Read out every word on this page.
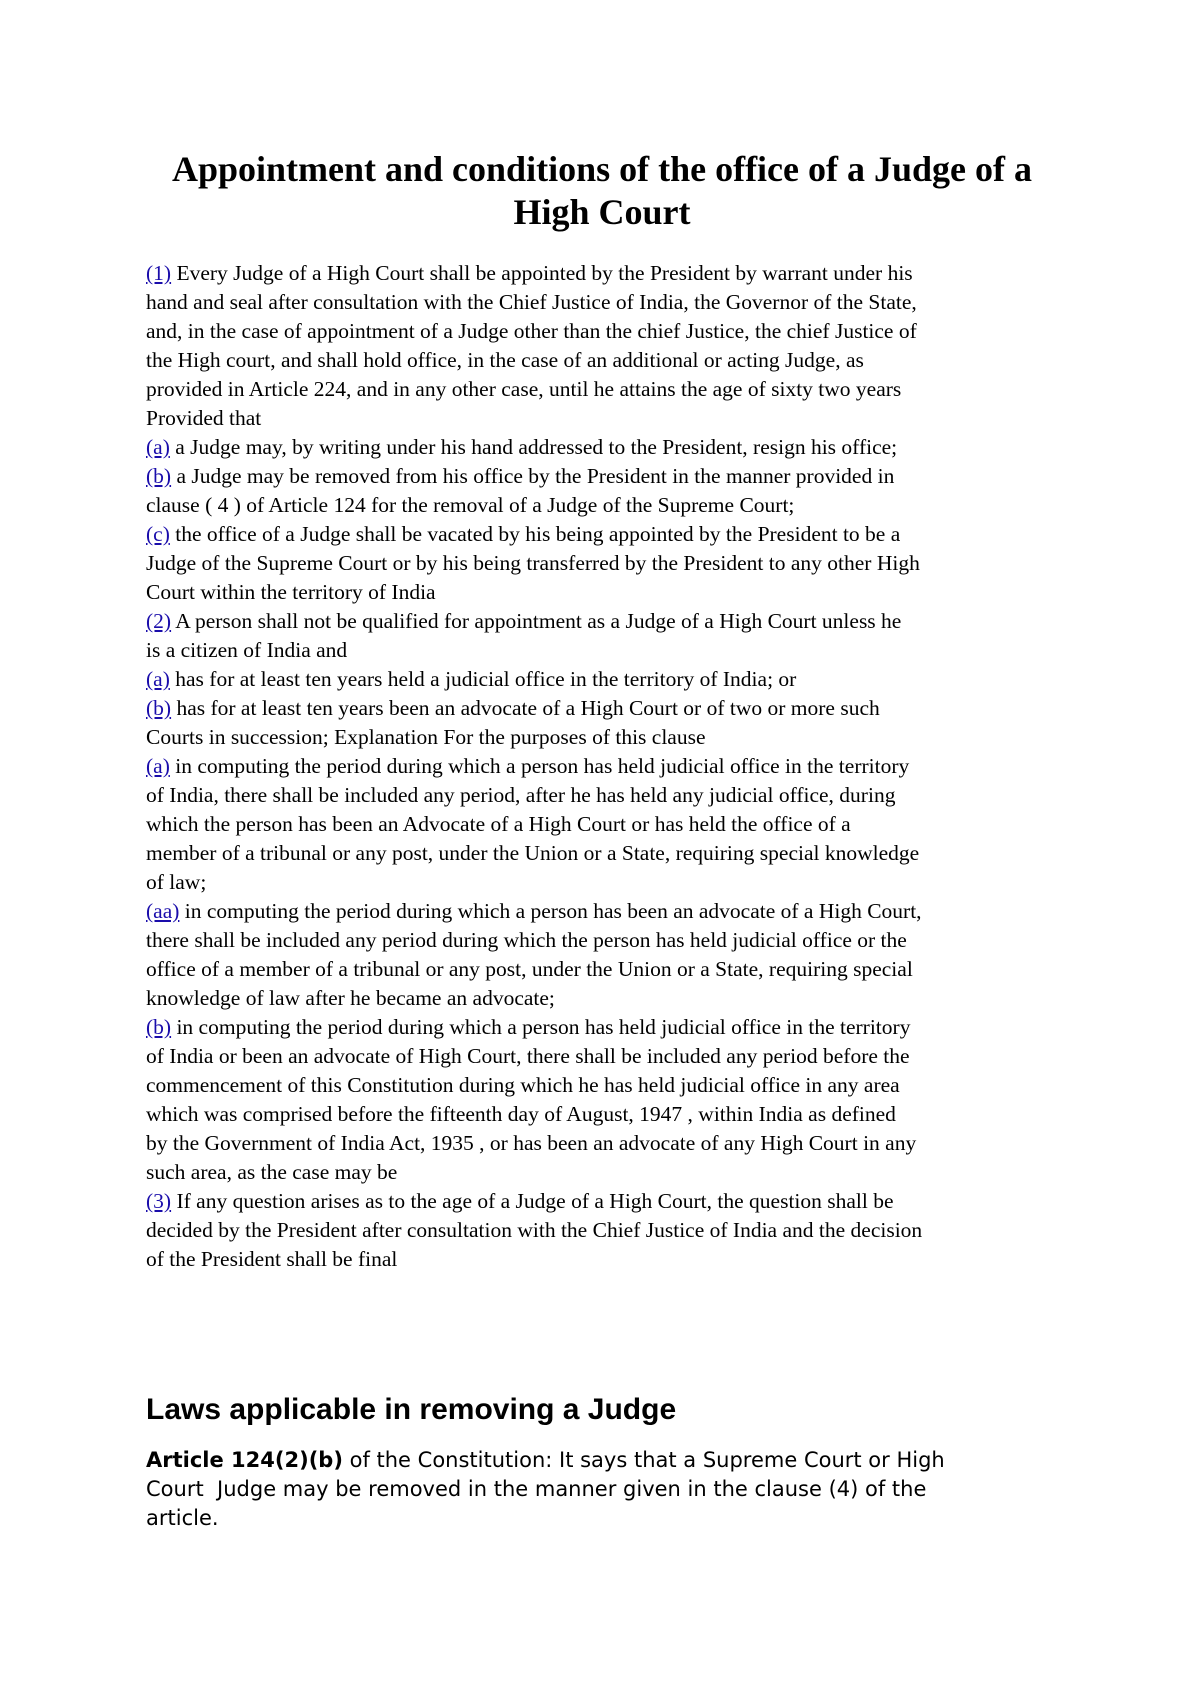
Appointment and conditions of the office of a Judge of a High Court
(1) Every Judge of a High Court shall be appointed by the President by warrant under his
hand and seal after consultation with the Chief Justice of India, the Governor of the State,
and, in the case of appointment of a Judge other than the chief Justice, the chief Justice of
the High court, and shall hold office, in the case of an additional or acting Judge, as
provided in Article 224, and in any other case, until he attains the age of sixty two years
Provided that
(a) a Judge may, by writing under his hand addressed to the President, resign his office;
(b) a Judge may be removed from his office by the President in the manner provided in
clause ( 4 ) of Article 124 for the removal of a Judge of the Supreme Court;
(c) the office of a Judge shall be vacated by his being appointed by the President to be a
Judge of the Supreme Court or by his being transferred by the President to any other High
Court within the territory of India
(2) A person shall not be qualified for appointment as a Judge of a High Court unless he
is a citizen of India and
(a) has for at least ten years held a judicial office in the territory of India; or
(b) has for at least ten years been an advocate of a High Court or of two or more such
Courts in succession; Explanation For the purposes of this clause
(a) in computing the period during which a person has held judicial office in the territory
of India, there shall be included any period, after he has held any judicial office, during
which the person has been an Advocate of a High Court or has held the office of a
member of a tribunal or any post, under the Union or a State, requiring special knowledge
of law;
(aa) in computing the period during which a person has been an advocate of a High Court,
there shall be included any period during which the person has held judicial office or the
office of a member of a tribunal or any post, under the Union or a State, requiring special
knowledge of law after he became an advocate;
(b) in computing the period during which a person has held judicial office in the territory
of India or been an advocate of High Court, there shall be included any period before the
commencement of this Constitution during which he has held judicial office in any area
which was comprised before the fifteenth day of August, 1947 , within India as defined
by the Government of India Act, 1935 , or has been an advocate of any High Court in any
such area, as the case may be
(3) If any question arises as to the age of a Judge of a High Court, the question shall be
decided by the President after consultation with the Chief Justice of India and the decision
of the President shall be final
Laws applicable in removing a Judge
Article 124(2)(b) of the Constitution: It says that a Supreme Court or High
Court  Judge may be removed in the manner given in the clause (4) of the
article.
